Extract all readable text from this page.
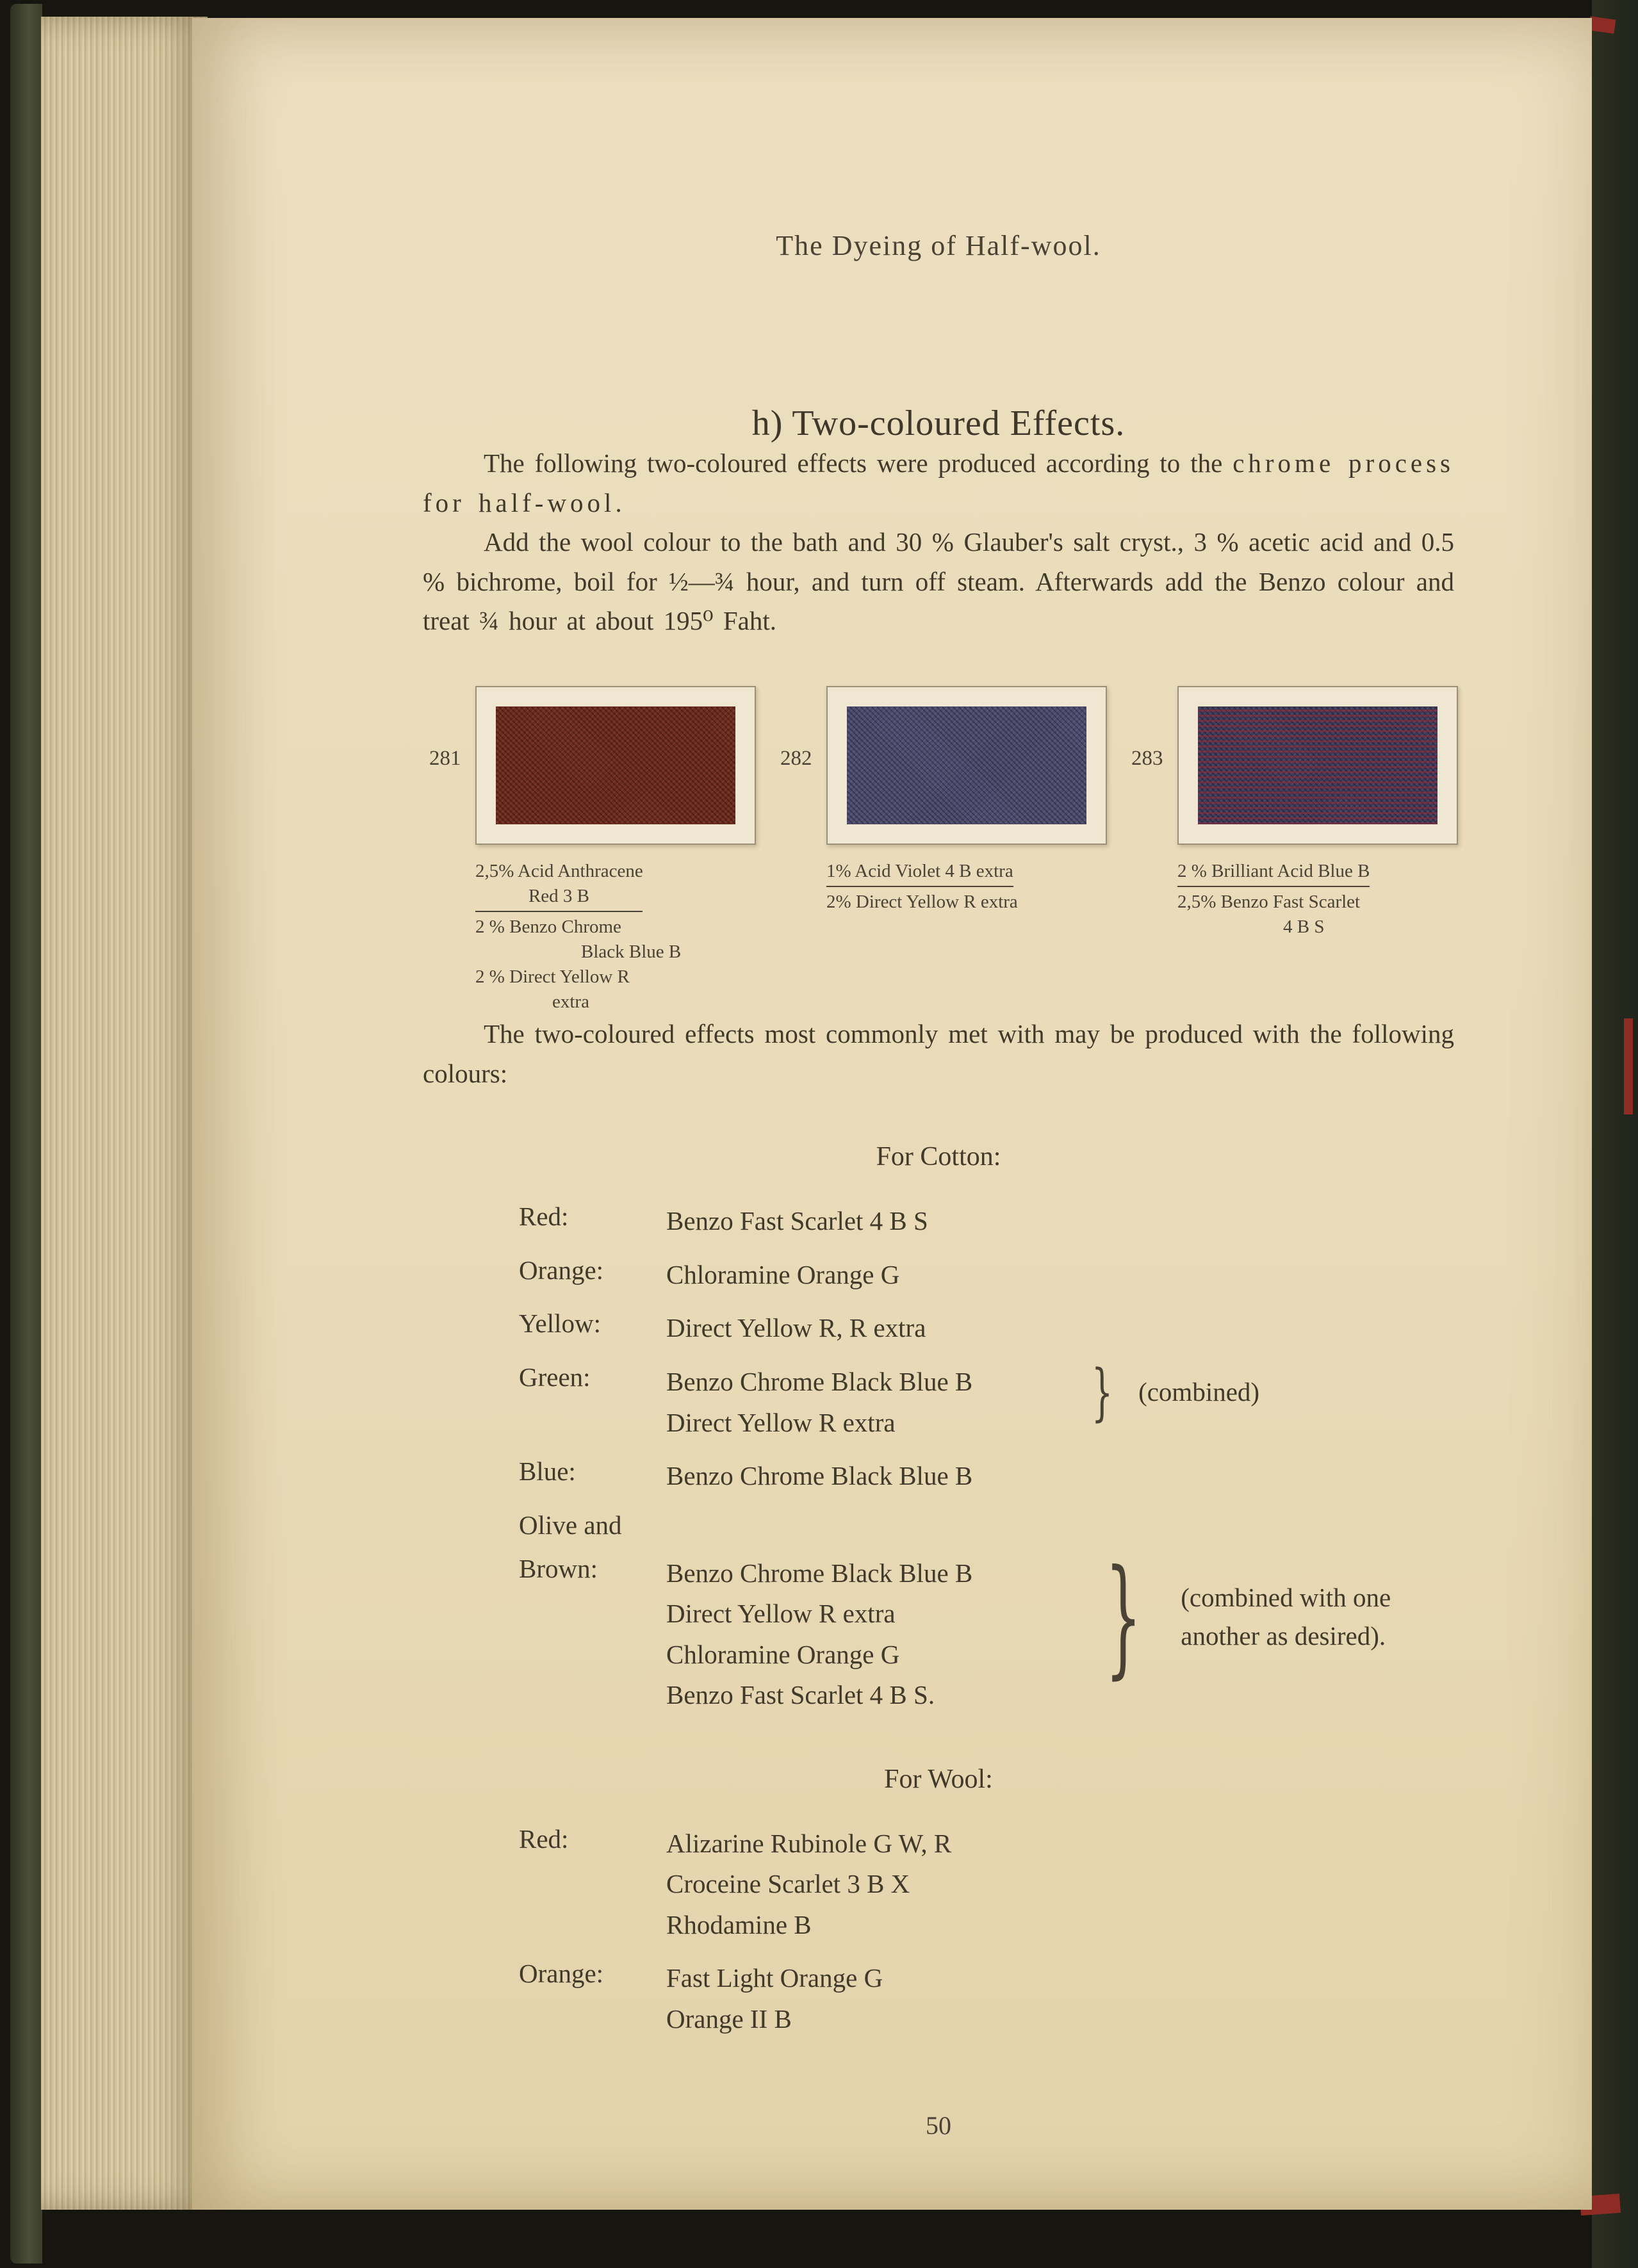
The Dyeing of Half-wool.
h) Two-coloured Effects.

The following two-coloured effects were produced according to the chrome process for half-wool.

Add the wool colour to the bath and 30 % Glauber's salt cryst., 3 % acetic acid and 0.5 % bichrome, boil for ½—¾ hour, and turn off steam. Afterwards add the Benzo colour and treat ¾ hour at about 195⁰ Faht.

281
2,5% Acid Anthracene
Red 3 B
2 % Benzo Chrome
Black Blue B
2 % Direct Yellow R
extra
282
1% Acid Violet 4 B extra
2% Direct Yellow R extra
283
2 % Brilliant Acid Blue B
2,5% Benzo Fast Scarlet
4 B S

The two-coloured effects most commonly met with may be produced with the following colours:

For Cotton:
Red:	Benzo Fast Scarlet 4 B S
Orange:	Chloramine Orange G
Yellow:	Direct Yellow R, R extra
Green:	Benzo Chrome Black Blue B
Direct Yellow R extra	} (combined)
Blue:	Benzo Chrome Black Blue B
Olive and
Brown:	Benzo Chrome Black Blue B
Direct Yellow R extra
Chloramine Orange G
Benzo Fast Scarlet 4 B S.
} (combined with one another as desired).
For Wool:
Red:	Alizarine Rubinole G W, R
Croceine Scarlet 3 B X
Rhodamine B
Orange:	Fast Light Orange G
Orange II B
50
